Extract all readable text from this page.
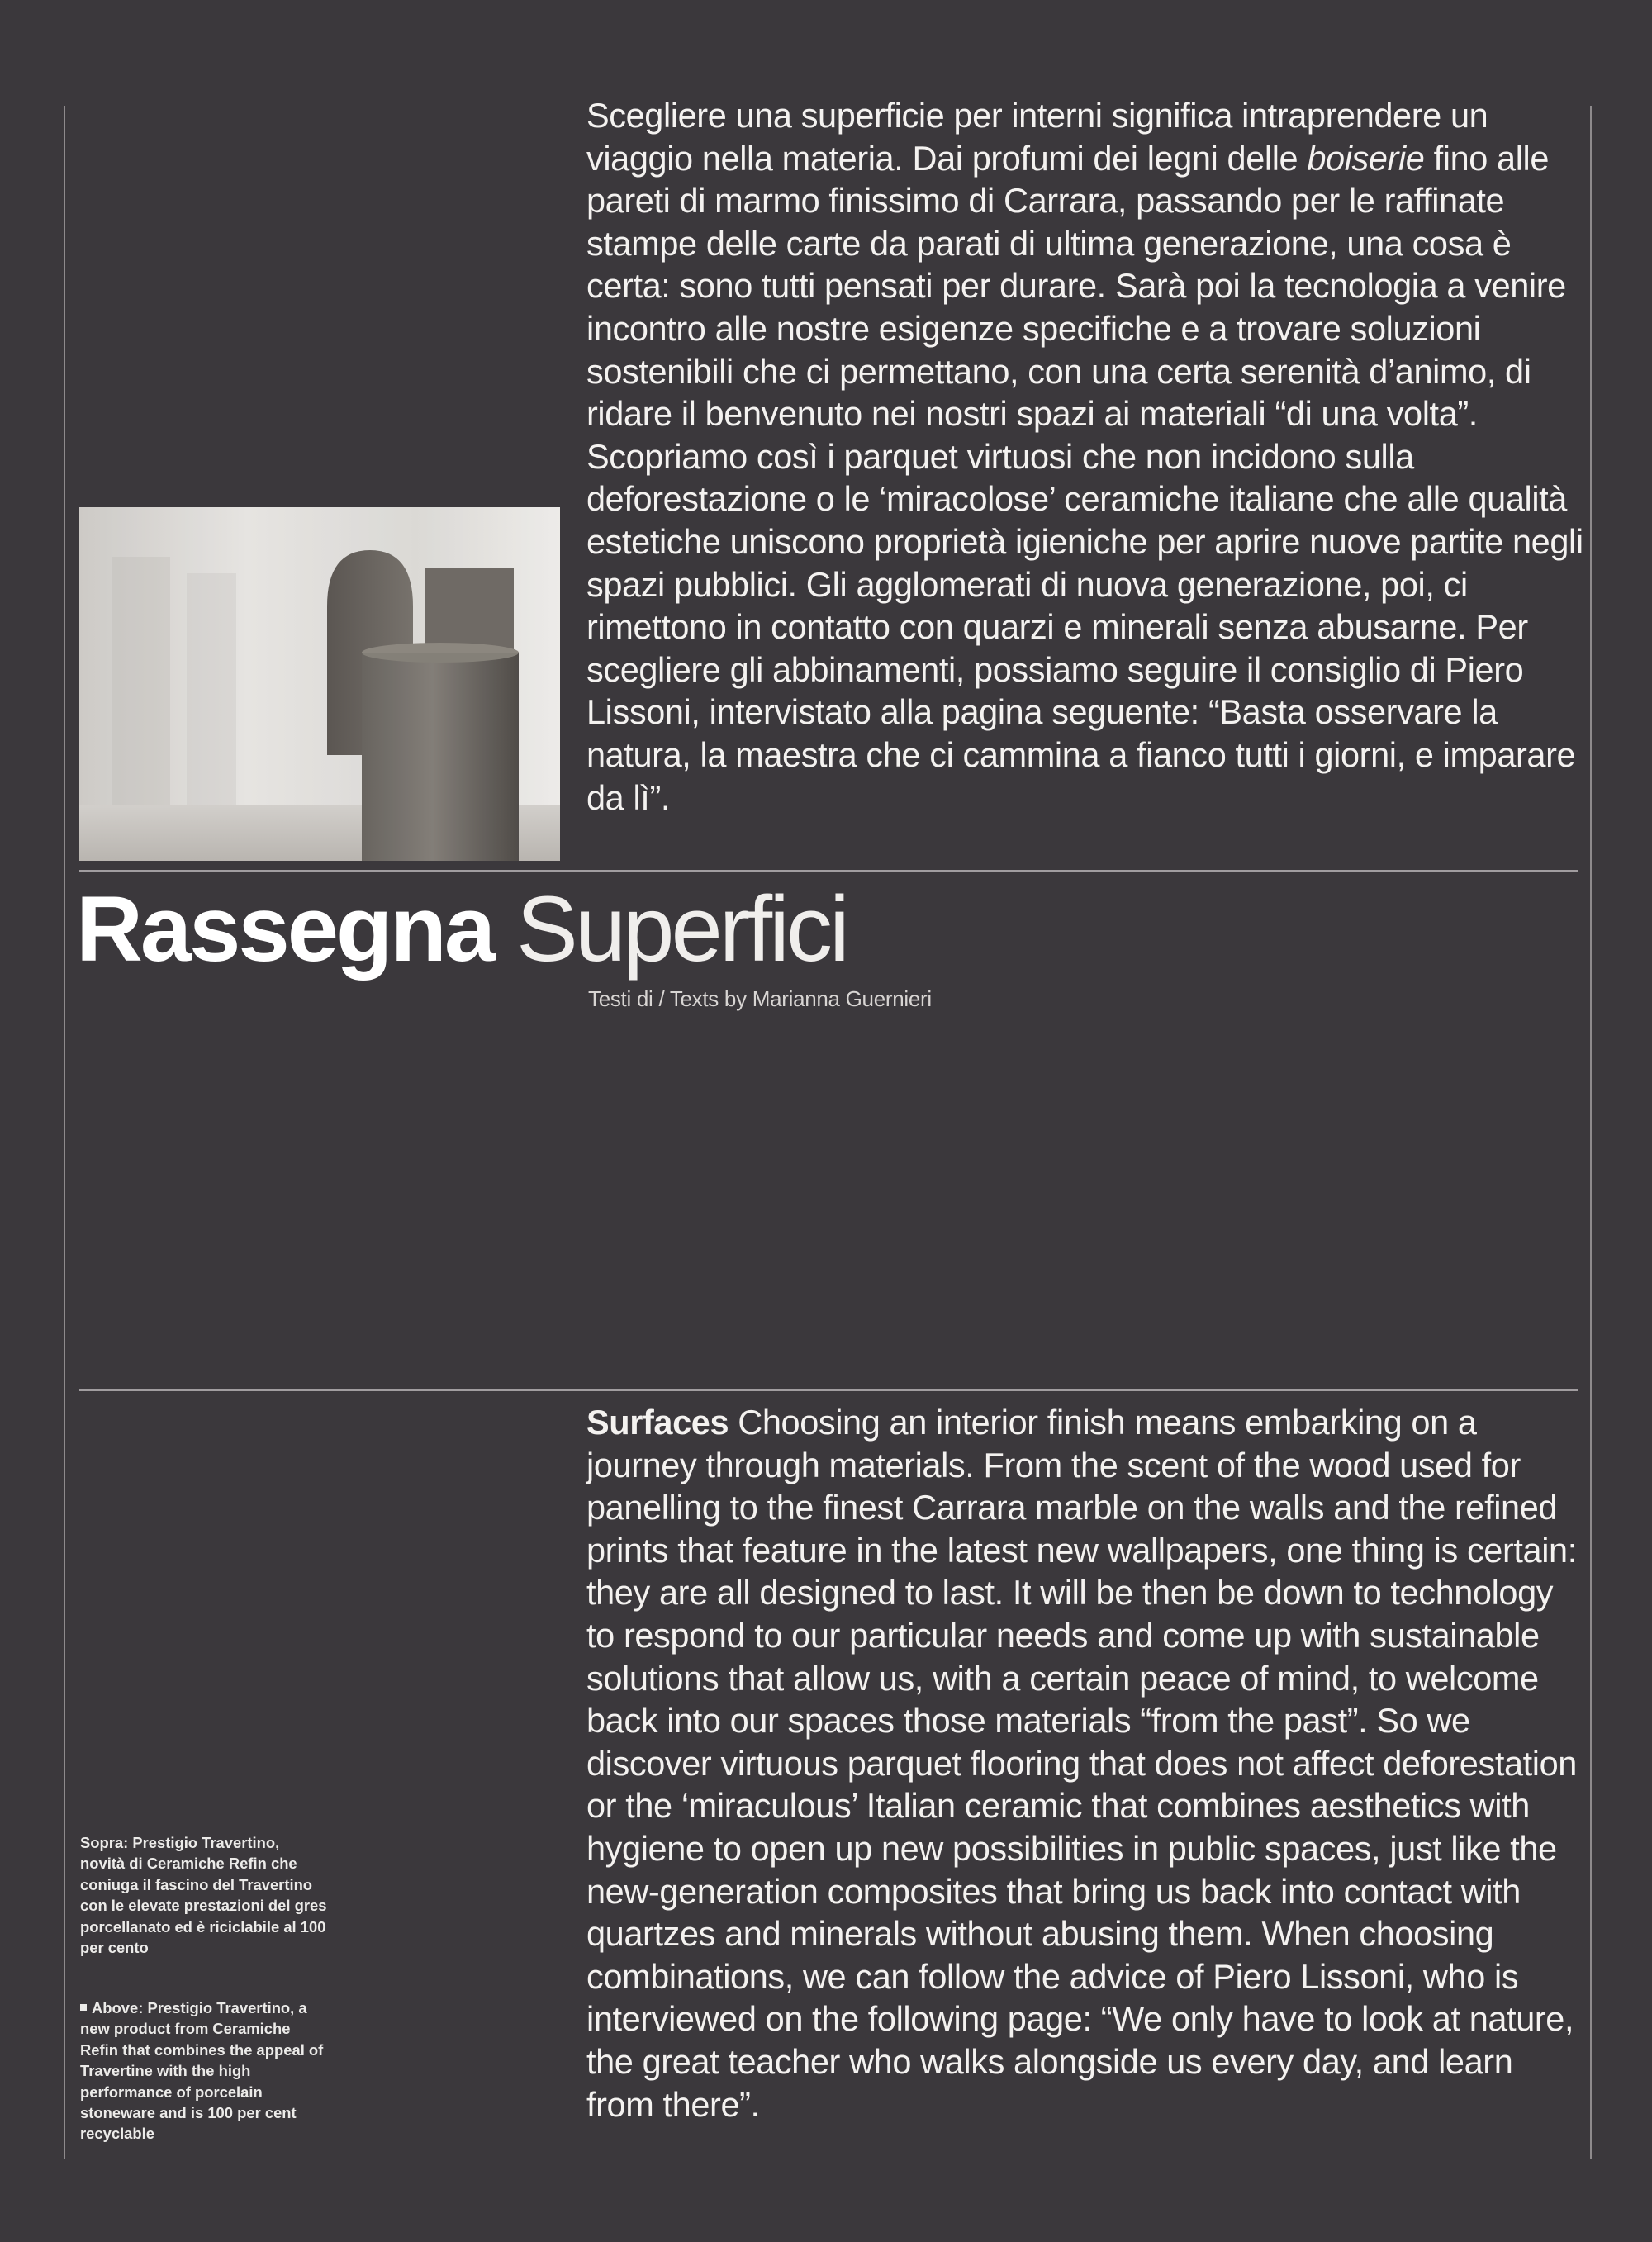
Scegliere una superficie per interni significa intraprendere un viaggio nella materia. Dai profumi dei legni delle boiserie fino alle pareti di marmo finissimo di Carrara, passando per le raffinate stampe delle carte da parati di ultima generazione, una cosa è certa: sono tutti pensati per durare. Sarà poi la tecnologia a venire incontro alle nostre esigenze specifiche e a trovare soluzioni sostenibili che ci permettano, con una certa serenità d’animo, di ridare il benvenuto nei nostri spazi ai materiali “di una volta”. Scopriamo così i parquet virtuosi che non incidono sulla deforestazione o le ‘miracolose’ ceramiche italiane che alle qualità estetiche uniscono proprietà igieniche per aprire nuove partite negli spazi pubblici. Gli agglomerati di nuova generazione, poi, ci rimettono in contatto con quarzi e minerali senza abusarne. Per scegliere gli abbinamenti, possiamo seguire il consiglio di Piero Lissoni, intervistato alla pagina seguente: “Basta osservare la natura, la maestra che ci cammina a fianco tutti i giorni, e imparare da lì”.

Rassegna Superfici
Testi di / Texts by Marianna Guernieri

Surfaces Choosing an interior finish means embarking on a journey through materials. From the scent of the wood used for panelling to the finest Carrara marble on the walls and the refined prints that feature in the latest new wallpapers, one thing is certain: they are all designed to last. It will be then be down to technology to respond to our particular needs and come up with sustainable solutions that allow us, with a certain peace of mind, to welcome back into our spaces those materials “from the past”. So we discover virtuous parquet flooring that does not affect deforestation or the ‘miraculous’ Italian ceramic that combines aesthetics with hygiene to open up new possibilities in public spaces, just like the new-generation composites that bring us back into contact with quartzes and minerals without abusing them. When choosing combinations, we can follow the advice of Piero Lissoni, who is interviewed on the following page: “We only have to look at nature, the great teacher who walks alongside us every day, and learn from there”.

Sopra: Prestigio Travertino, novità di Ceramiche Refin che coniuga il fascino del Travertino con le elevate prestazioni del gres porcellanato ed è riciclabile al 100 per cento

Above: Prestigio Travertino, a new product from Ceramiche Refin that combines the appeal of Travertine with the high performance of porcelain stoneware and is 100 per cent recyclable
